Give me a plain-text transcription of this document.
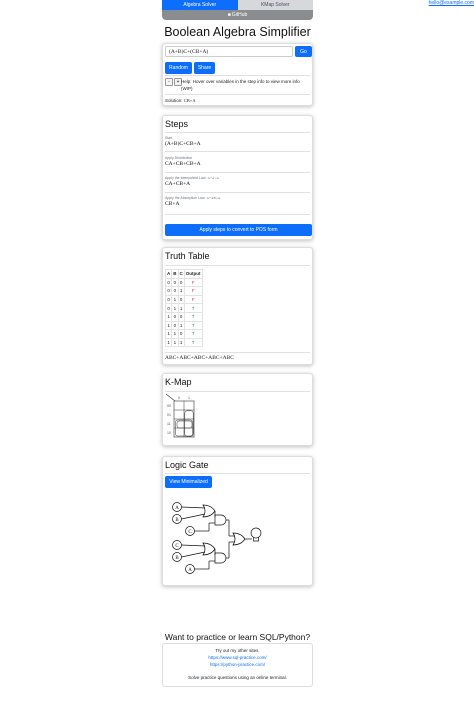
hello@example.com
Algebra Solver	KMap Solver
■ GitHub
Boolean Algebra Simplifier
(A+B)C+(CB+A)	Go
Random	Share
-	+ Help: Hover over variables in the step info to view more info (WIP)
Solution: CB+A
Steps
Start
(A+B)C+CB+A
Apply Distribution
CA+CB+CB+A
Apply the Idempotent Law: A+A=A
CA+CB+A
Apply the Absorption Law: A+AB=A
CB+A
Apply steps to convert to POS form
Truth Table
A	B	C	Output
0	0	0	F
0	0	1	F
0	1	0	F
0	1	1	T
1	0	0	T
1	0	1	T
1	1	0	T
1	1	1	T
ABC+ABC+ABC+ABC+ABC
K-Map
0 1
00
01
11
10
Logic Gate
View Minimalized
A
B
C
C
B
A
Want to practice or learn SQL/Python?
Try out my other sites.
https://www.sql-practice.com/
https://python-practice.com/
Solve practice questions using an online terminal.
